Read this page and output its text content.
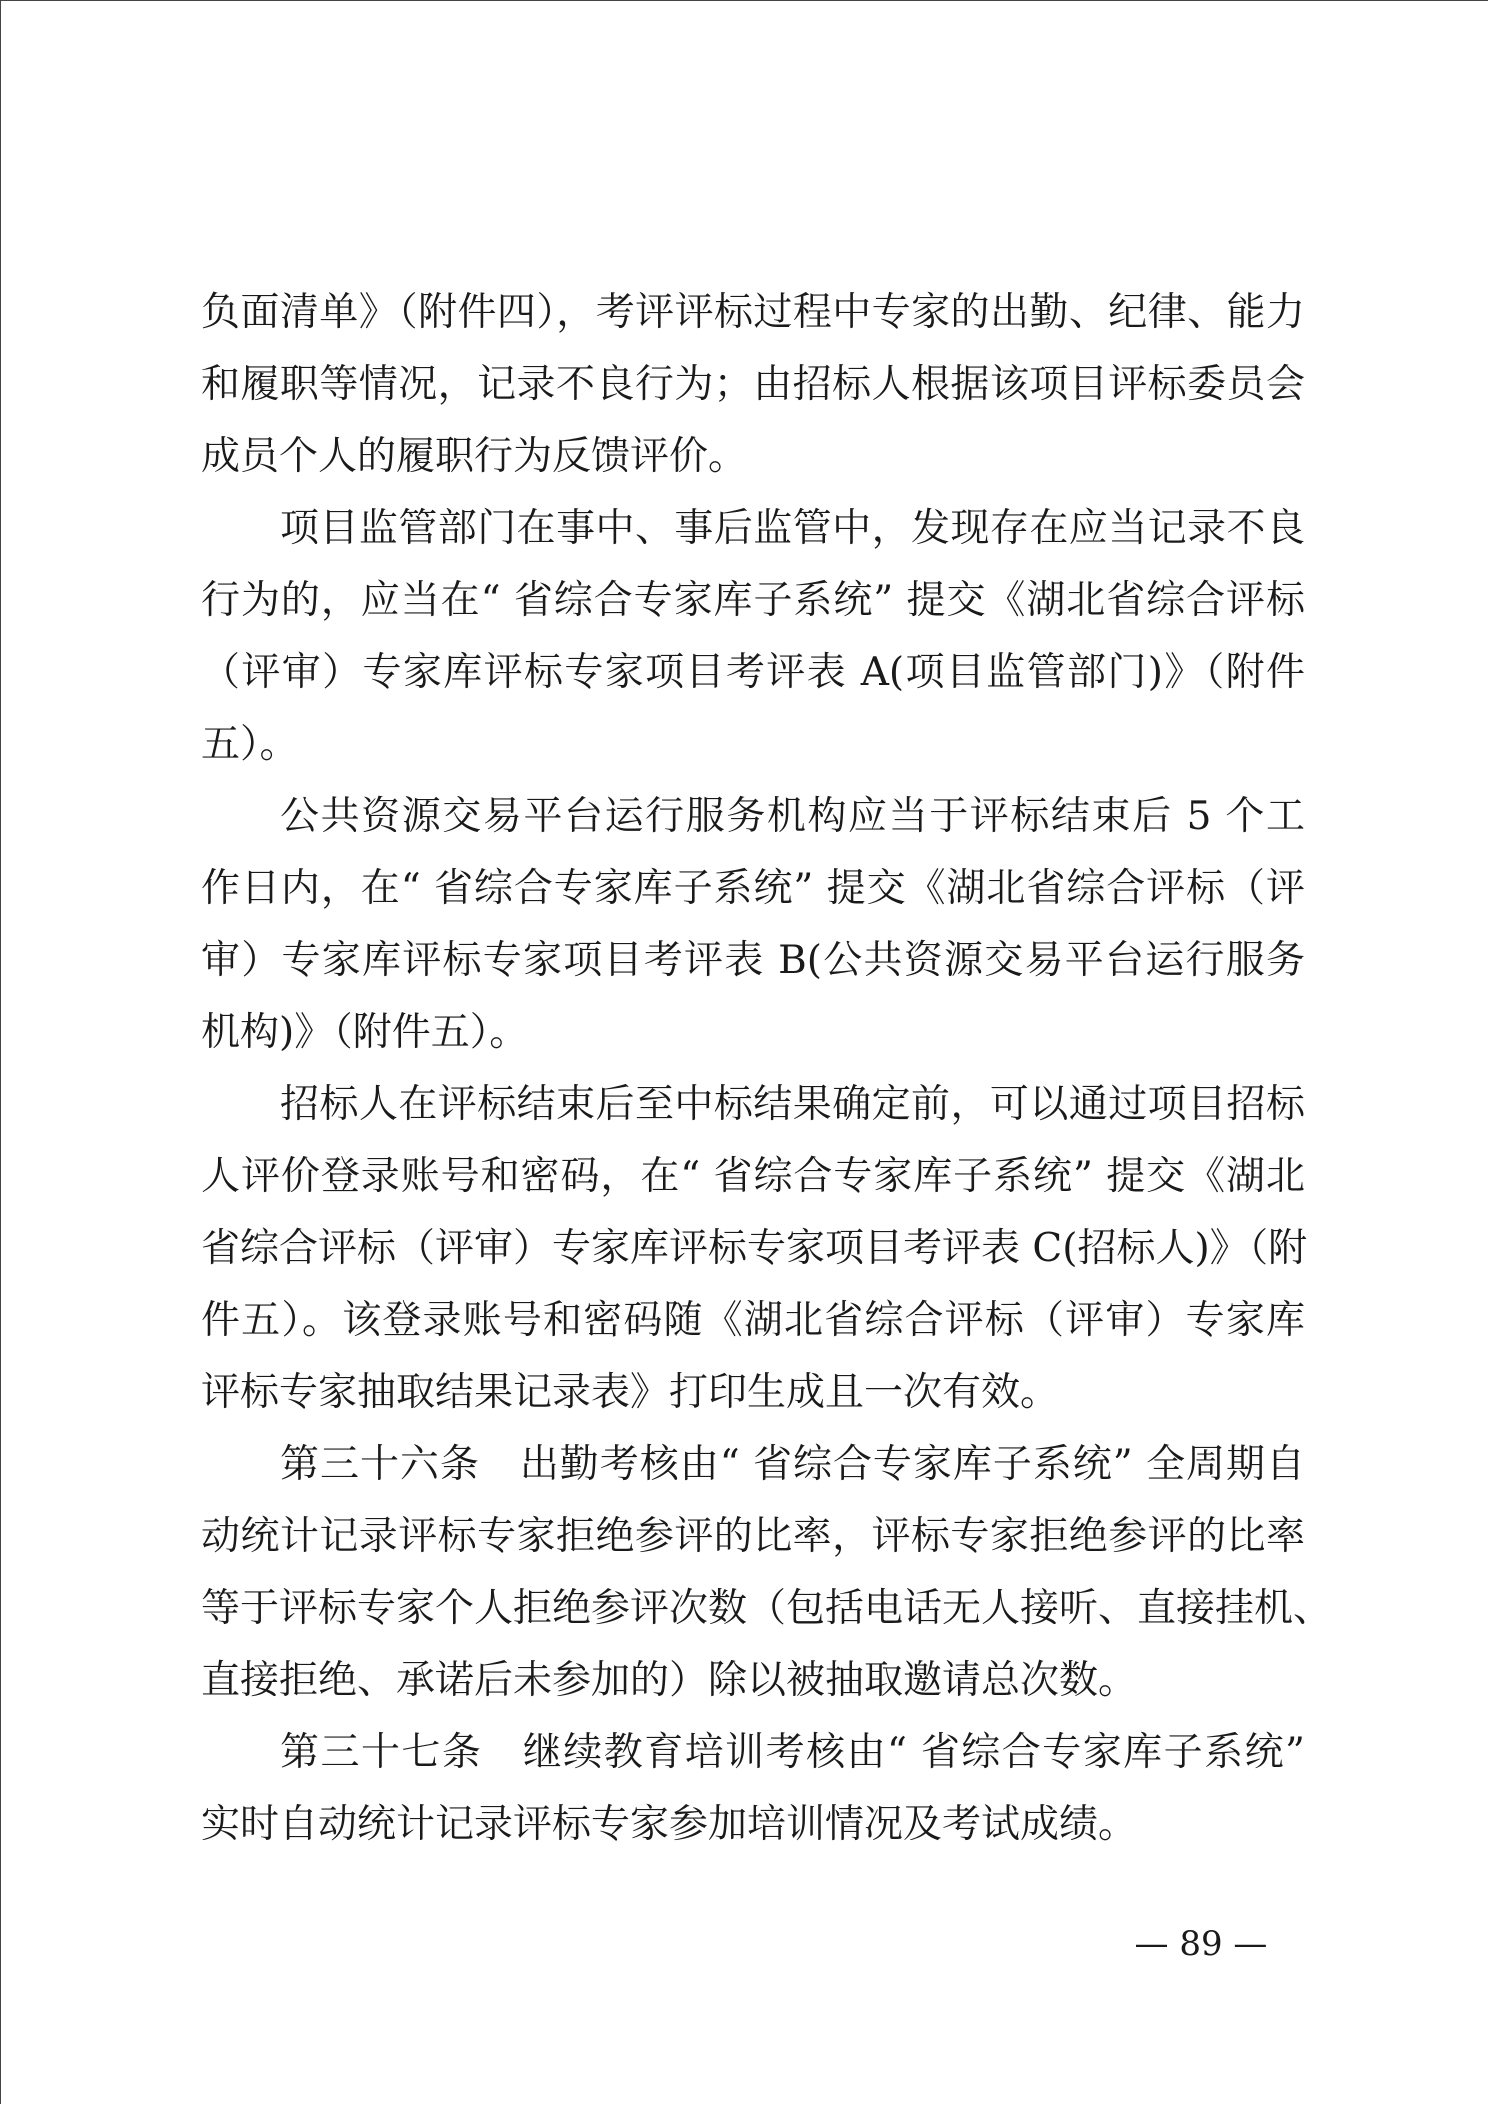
负面清单》（附件四），考评评标过程中专家的出勤、纪律、能力
和履职等情况，记录不良行为；由招标人根据该项目评标委员会
成员个人的履职行为反馈评价。
项目监管部门在事中、事后监管中，发现存在应当记录不良
行为的，应当在“ 省综合专家库子系统” 提交《湖北省综合评标
（评审）专家库评标专家项目考评表 A(项目监管部门)》（附件
五）。
公共资源交易平台运行服务机构应当于评标结束后 5 个工
作日内，在“ 省综合专家库子系统” 提交《湖北省综合评标（评
审）专家库评标专家项目考评表 B(公共资源交易平台运行服务
机构)》（附件五）。
招标人在评标结束后至中标结果确定前，可以通过项目招标
人评价登录账号和密码，在“ 省综合专家库子系统” 提交《湖北
省综合评标（评审）专家库评标专家项目考评表 C(招标人)》（附
件五）。该登录账号和密码随《湖北省综合评标（评审）专家库
评标专家抽取结果记录表》打印生成且一次有效。
第三十六条　出勤考核由“ 省综合专家库子系统” 全周期自
动统计记录评标专家拒绝参评的比率，评标专家拒绝参评的比率
等于评标专家个人拒绝参评次数（包括电话无人接听、直接挂机、
直接拒绝、承诺后未参加的）除以被抽取邀请总次数。
第三十七条　继续教育培训考核由“ 省综合专家库子系统”
实时自动统计记录评标专家参加培训情况及考试成绩。
— 89 —
